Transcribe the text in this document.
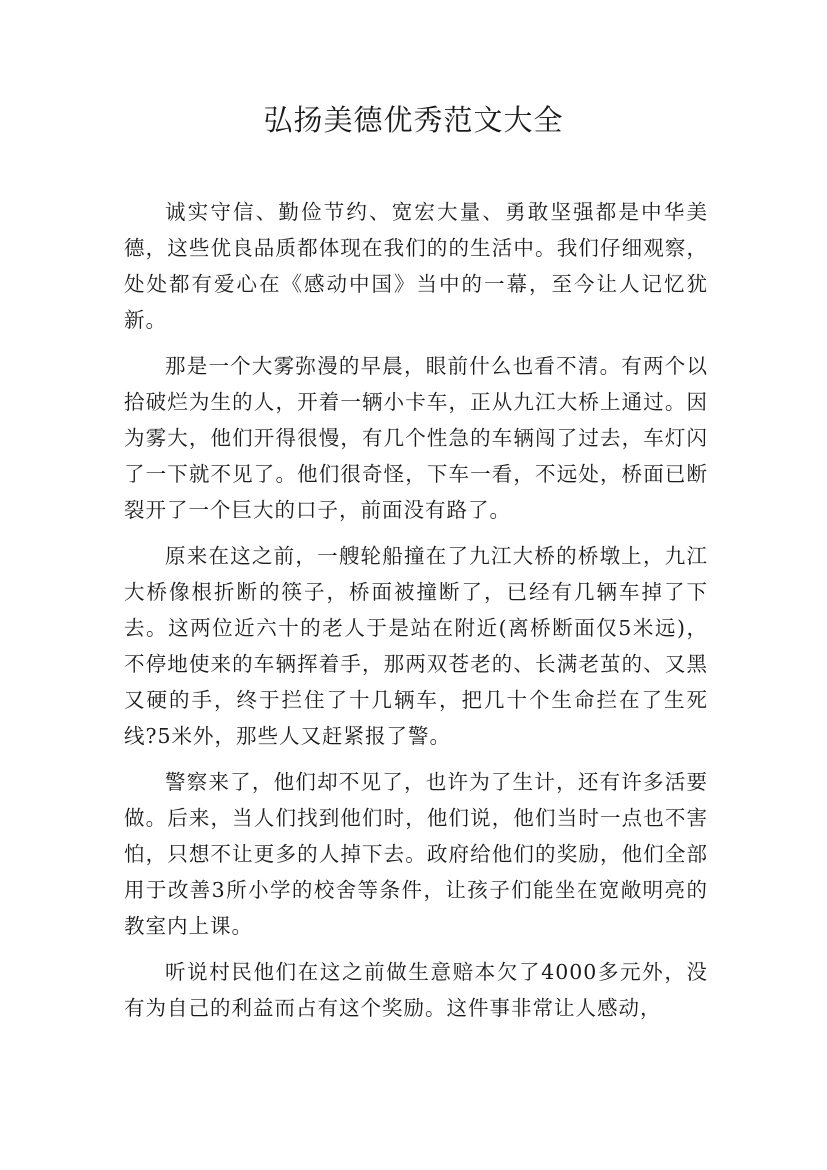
弘扬美德优秀范文大全

诚实守信、勤俭节约、宽宏大量、勇敢坚强都是中华美德，这些优良品质都体现在我们的的生活中。我们仔细观察，处处都有爱心在《感动中国》当中的一幕，至今让人记忆犹新。

那是一个大雾弥漫的早晨，眼前什么也看不清。有两个以拾破烂为生的人，开着一辆小卡车，正从九江大桥上通过。因为雾大，他们开得很慢，有几个性急的车辆闯了过去，车灯闪了一下就不见了。他们很奇怪，下车一看，不远处，桥面已断裂开了一个巨大的口子，前面没有路了。

原来在这之前，一艘轮船撞在了九江大桥的桥墩上，九江大桥像根折断的筷子，桥面被撞断了，已经有几辆车掉了下去。这两位近六十的老人于是站在附近(离桥断面仅5米远)，不停地使来的车辆挥着手，那两双苍老的、长满老茧的、又黑又硬的手，终于拦住了十几辆车，把几十个生命拦在了生死线?5米外，那些人又赶紧报了警。

警察来了，他们却不见了，也许为了生计，还有许多活要做。后来，当人们找到他们时，他们说，他们当时一点也不害怕，只想不让更多的人掉下去。政府给他们的奖励，他们全部用于改善3所小学的校舍等条件，让孩子们能坐在宽敞明亮的教室内上课。

听说村民他们在这之前做生意赔本欠了4000多元外，没有为自己的利益而占有这个奖励。这件事非常让人感动，
